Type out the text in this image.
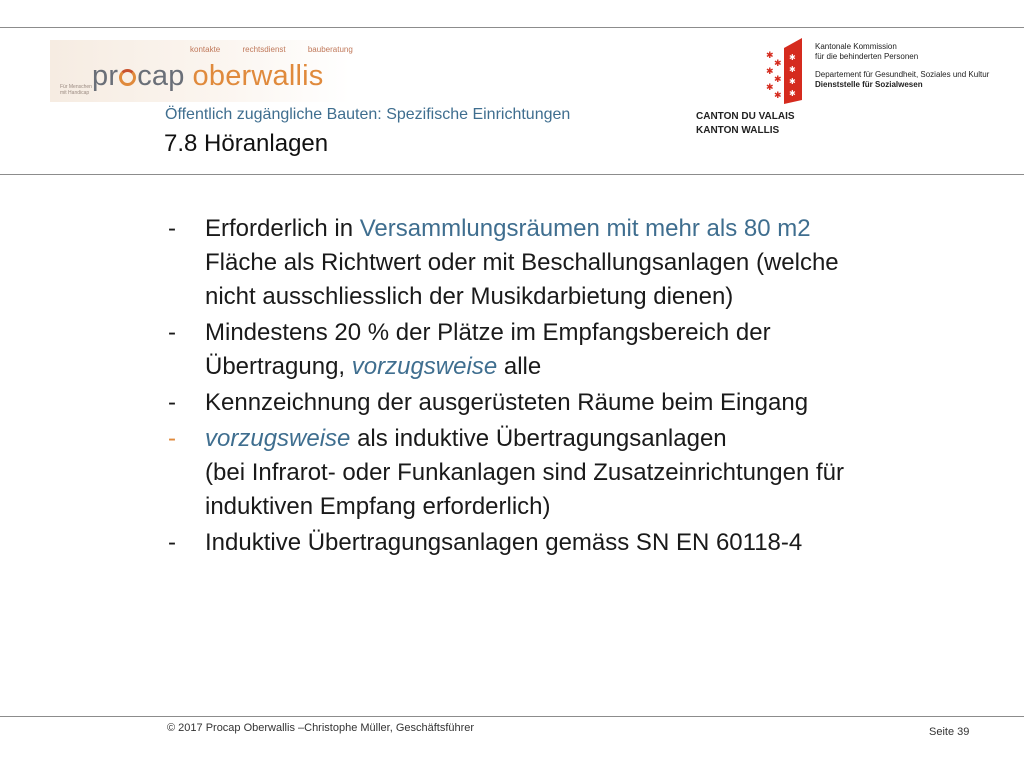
kontakte	rechtsdienst	bauberatung
pr cap oberwallis
Für Menschen
mit Handicap
Öffentlich zugängliche Bauten: Spezifische Einrichtungen
7.8 Höranlagen
✱
✱
✱
✱
✱
✱
✱
✱
✱
✱
CANTON DU VALAIS
KANTON WALLIS
Kantonale Kommission
für die behinderten Personen
Departement für Gesundheit, Soziales und Kultur
Dienststelle für Sozialwesen
- Erforderlich in Versammlungsräumen mit mehr als 80 m2
Fläche als Richtwert oder mit Beschallungsanlagen (welche
nicht ausschliesslich der Musikdarbietung dienen)
- Mindestens 20 % der Plätze im Empfangsbereich der
Übertragung, vorzugsweise alle
- Kennzeichnung der ausgerüsteten Räume beim Eingang
- vorzugsweise als induktive Übertragungsanlagen
(bei Infrarot- oder Funkanlagen sind Zusatzeinrichtungen für
induktiven Empfang erforderlich)
- Induktive Übertragungsanlagen gemäss SN EN 60118-4
© 2017 Procap Oberwallis –Christophe Müller, Geschäftsführer	Seite 39
